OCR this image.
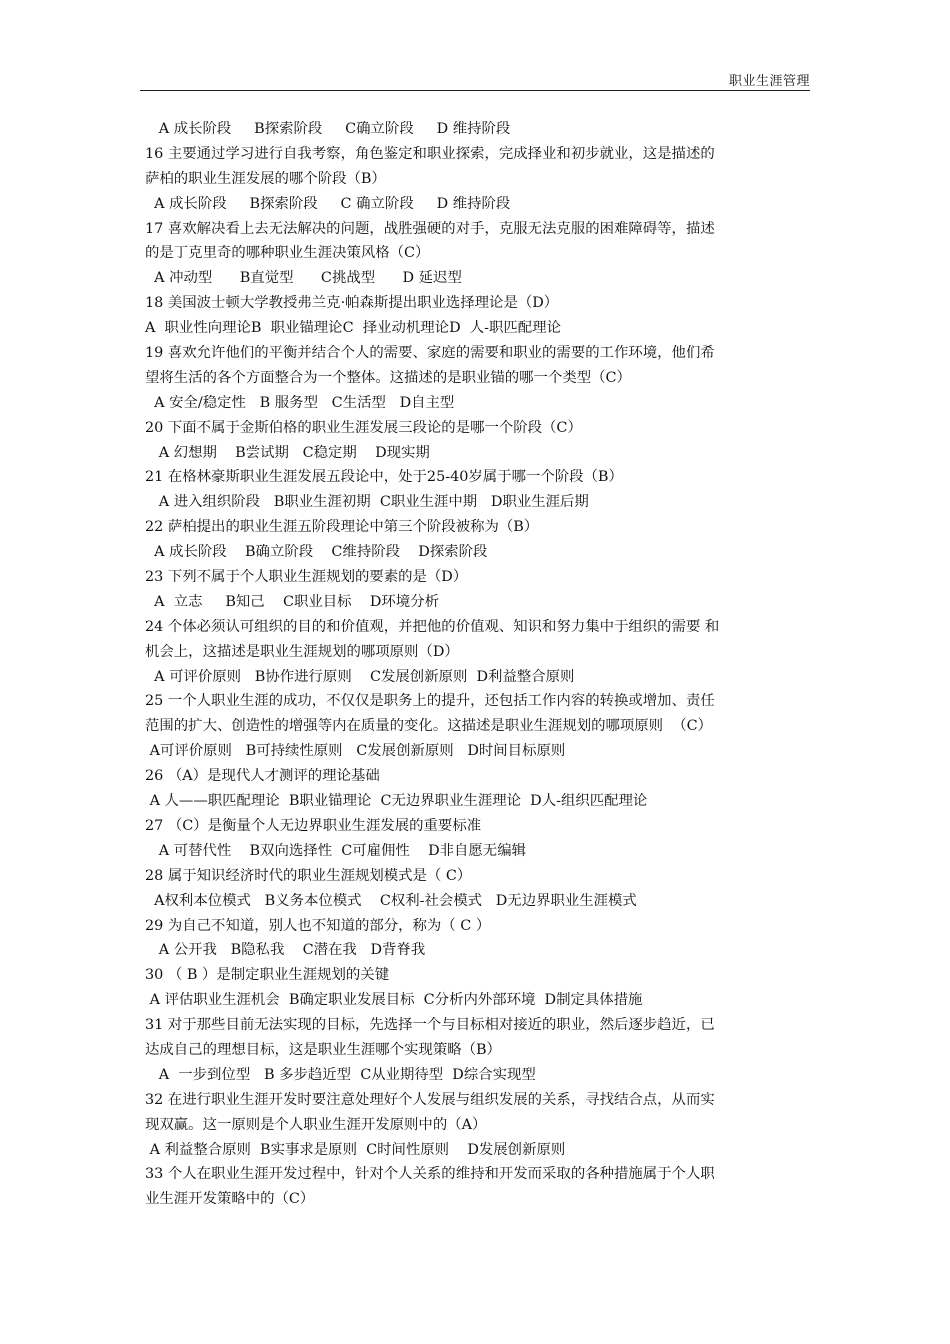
职业生涯管理
A 成长阶段     B探索阶段     C确立阶段     D 维持阶段
16 主要通过学习进行自我考察，角色鉴定和职业探索，完成择业和初步就业，这是描述的
萨柏的职业生涯发展的哪个阶段（B）
A 成长阶段     B探索阶段     C 确立阶段     D 维持阶段
17 喜欢解决看上去无法解决的问题，战胜强硬的对手，克服无法克服的困难障碍等，描述
的是丁克里奇的哪种职业生涯决策风格（C）
A 冲动型      B直觉型      C挑战型      D 延迟型
18 美国波士顿大学教授弗兰克·帕森斯提出职业选择理论是（D）
A  职业性向理论B  职业锚理论C  择业动机理论D  人-职匹配理论
19 喜欢允许他们的平衡并结合个人的需要、家庭的需要和职业的需要的工作环境，他们希
望将生活的各个方面整合为一个整体。这描述的是职业锚的哪一个类型（C）
A 安全/稳定性   B 服务型   C生活型   D自主型
20 下面不属于金斯伯格的职业生涯发展三段论的是哪一个阶段（C）
A 幻想期    B尝试期   C稳定期    D现实期
21 在格林豪斯职业生涯发展五段论中，处于25-40岁属于哪一个阶段（B）
A 进入组织阶段   B职业生涯初期  C职业生涯中期   D职业生涯后期
22 萨柏提出的职业生涯五阶段理论中第三个阶段被称为（B）
A 成长阶段    B确立阶段    C维持阶段    D探索阶段
23 下列不属于个人职业生涯规划的要素的是（D）
A  立志     B知己    C职业目标    D环境分析
24 个体必须认可组织的目的和价值观，并把他的价值观、知识和努力集中于组织的需要 和
机会上，这描述是职业生涯规划的哪项原则（D）
A 可评价原则   B协作进行原则    C发展创新原则  D利益整合原则
25 一个人职业生涯的成功，不仅仅是职务上的提升，还包括工作内容的转换或增加、责任
范围的扩大、创造性的增强等内在质量的变化。这描述是职业生涯规划的哪项原则  （C）
A可评价原则   B可持续性原则   C发展创新原则   D时间目标原则
26 （A）是现代人才测评的理论基础
A 人——职匹配理论  B职业锚理论  C无边界职业生涯理论  D人-组织匹配理论
27 （C）是衡量个人无边界职业生涯发展的重要标准
A 可替代性    B双向选择性  C可雇佣性    D非自愿无编辑
28 属于知识经济时代的职业生涯规划模式是（ C）
A权利本位模式   B义务本位模式    C权利-社会模式   D无边界职业生涯模式
29 为自己不知道，别人也不知道的部分，称为（ C ）
A 公开我   B隐私我    C潜在我   D背脊我
30 （ B ）是制定职业生涯规划的关键
A 评估职业生涯机会  B确定职业发展目标  C分析内外部环境  D制定具体措施
31 对于那些目前无法实现的目标，先选择一个与目标相对接近的职业，然后逐步趋近，已
达成自己的理想目标，这是职业生涯哪个实现策略（B）
A  一步到位型   B 多步趋近型  C从业期待型  D综合实现型
32 在进行职业生涯开发时要注意处理好个人发展与组织发展的关系，寻找结合点，从而实
现双赢。这一原则是个人职业生涯开发原则中的（A）
A 利益整合原则  B实事求是原则  C时间性原则    D发展创新原则
33 个人在职业生涯开发过程中，针对个人关系的维持和开发而采取的各种措施属于个人职
业生涯开发策略中的（C）
